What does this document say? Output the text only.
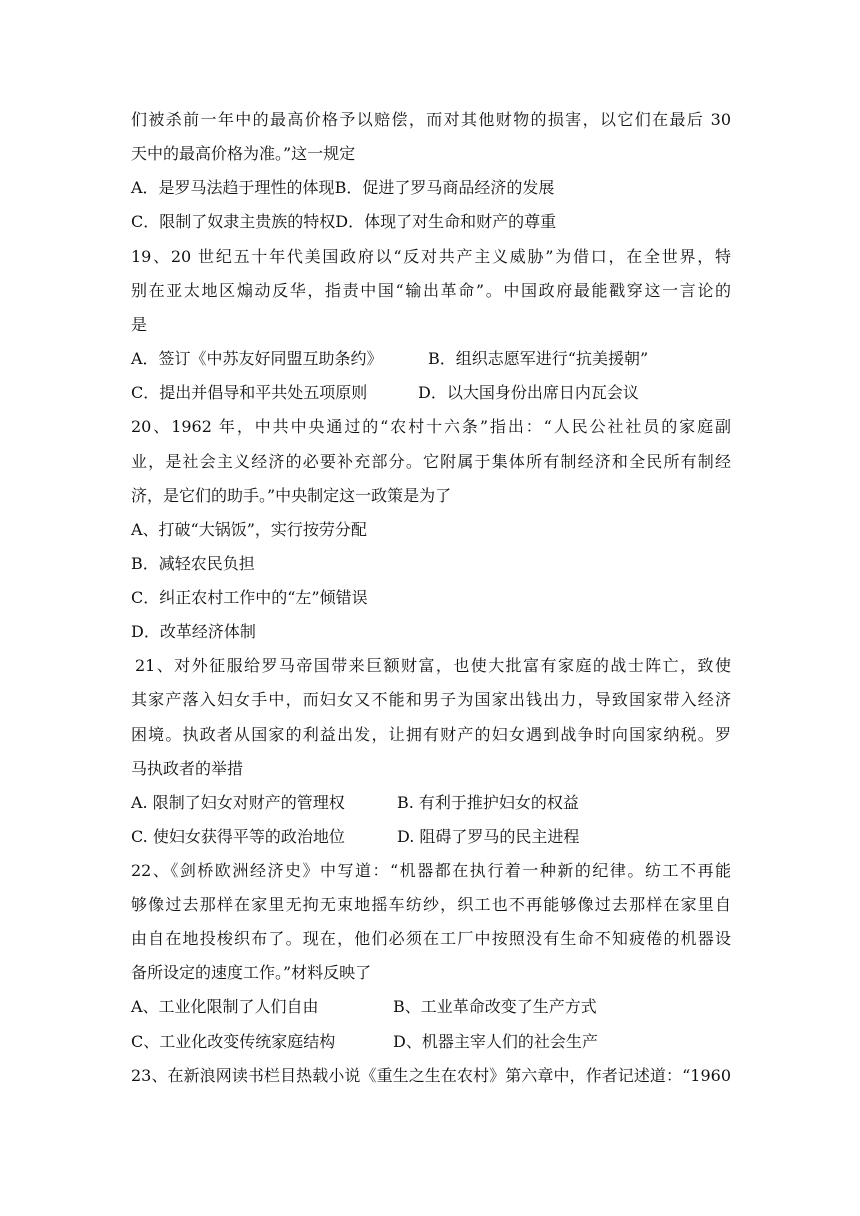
们被杀前一年中的最高价格予以赔偿，而对其他财物的损害，以它们在最后 30
天中的最高价格为准。”这一规定
A．是罗马法趋于理性的体现 B．促进了罗马商品经济的发展
C．限制了奴隶主贵族的特权 D．体现了对生命和财产的尊重
19、20 世纪五十年代美国政府以“反对共产主义威胁”为借口，在全世界，特
别在亚太地区煽动反华，指责中国“输出革命”。中国政府最能戳穿这一言论的
是
A．签订《中苏友好同盟互助条约》	B．组织志愿军进行“抗美援朝”
C．提出并倡导和平共处五项原则	D．以大国身份出席日内瓦会议
20、1962 年，中共中央通过的“农村十六条”指出：“人民公社社员的家庭副
业，是社会主义经济的必要补充部分。它附属于集体所有制经济和全民所有制经
济，是它们的助手。”中央制定这一政策是为了
A、打破“大锅饭”，实行按劳分配
B．减轻农民负担
C．纠正农村工作中的“左”倾错误
D．改革经济体制
21、对外征服给罗马帝国带来巨额财富，也使大批富有家庭的战士阵亡，致使
其家产落入妇女手中，而妇女又不能和男子为国家出钱出力，导致国家带入经济
困境。执政者从国家的利益出发，让拥有财产的妇女遇到战争时向国家纳税。罗
马执政者的举措
A. 限制了妇女对财产的管理权	B. 有利于推护妇女的权益
C. 使妇女获得平等的政治地位	D. 阻碍了罗马的民主进程
22、《剑桥欧洲经济史》中写道：“机器都在执行着一种新的纪律。纺工不再能
够像过去那样在家里无拘无束地摇车纺纱，织工也不再能够像过去那样在家里自
由自在地投梭织布了。现在，他们必须在工厂中按照没有生命不知疲倦的机器设
备所设定的速度工作。”材料反映了
A、工业化限制了人们自由	B、工业革命改变了生产方式
C、工业化改变传统家庭结构	D、机器主宰人们的社会生产
23、在新浪网读书栏目热载小说《重生之生在农村》第六章中，作者记述道：“1960
